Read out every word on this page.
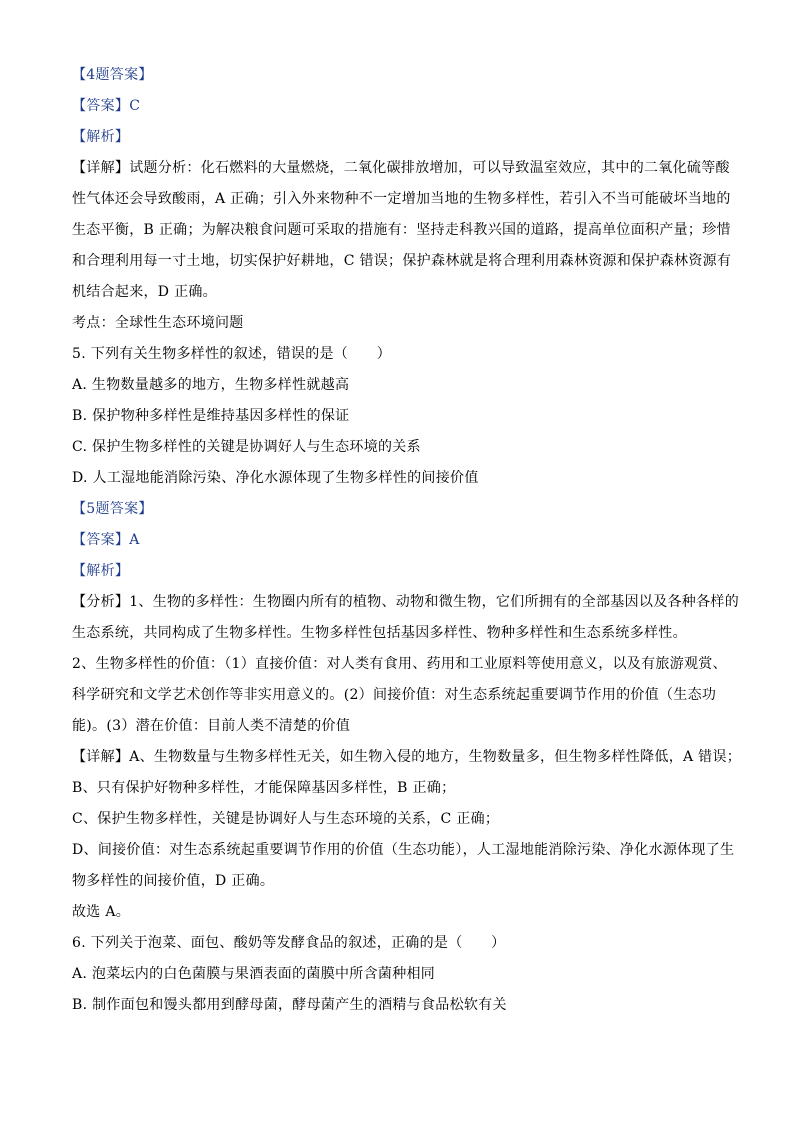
【4题答案】
【答案】C
【解析】
【详解】试题分析：化石燃料的大量燃烧，二氧化碳排放增加，可以导致温室效应，其中的二氧化硫等酸
性气体还会导致酸雨，A 正确；引入外来物种不一定增加当地的生物多样性，若引入不当可能破坏当地的
生态平衡，B 正确；为解决粮食问题可采取的措施有：坚持走科教兴国的道路，提高单位面积产量；珍惜
和合理利用每一寸土地，切实保护好耕地，C 错误；保护森林就是将合理利用森林资源和保护森林资源有
机结合起来，D 正确。
考点：全球性生态环境问题
5. 下列有关生物多样性的叙述，错误的是（　　）
A. 生物数量越多的地方，生物多样性就越高
B. 保护物种多样性是维持基因多样性的保证
C. 保护生物多样性的关键是协调好人与生态环境的关系
D. 人工湿地能消除污染、净化水源体现了生物多样性的间接价值
【5题答案】
【答案】A
【解析】
【分析】1、生物的多样性：生物圈内所有的植物、动物和微生物，它们所拥有的全部基因以及各种各样的
生态系统，共同构成了生物多样性。生物多样性包括基因多样性、物种多样性和生态系统多样性。
2、生物多样性的价值：（1）直接价值：对人类有食用、药用和工业原料等使用意义，以及有旅游观赏、
科学研究和文学艺术创作等非实用意义的。(2）间接价值：对生态系统起重要调节作用的价值（生态功
能)。(3）潜在价值：目前人类不清楚的价值
【详解】A、生物数量与生物多样性无关，如生物入侵的地方，生物数量多，但生物多样性降低，A 错误；
B、只有保护好物种多样性，才能保障基因多样性，B 正确；
C、保护生物多样性，关键是协调好人与生态环境的关系，C 正确；
D、间接价值：对生态系统起重要调节作用的价值（生态功能），人工湿地能消除污染、净化水源体现了生
物多样性的间接价值，D 正确。
故选 A。
6. 下列关于泡菜、面包、酸奶等发酵食品的叙述，正确的是（　　）
A. 泡菜坛内的白色菌膜与果酒表面的菌膜中所含菌种相同
B. 制作面包和馒头都用到酵母菌，酵母菌产生的酒精与食品松软有关
